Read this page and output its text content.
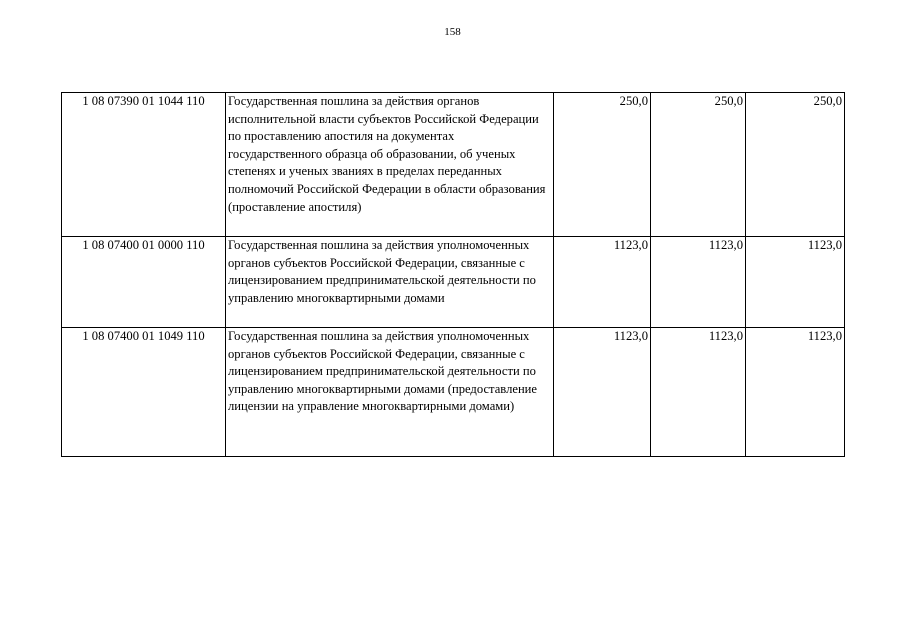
158
1 08 07390 01 1044 110	Государственная пошлина за действия органов исполнительной власти субъектов Российской Федерации по проставлению апостиля на документах государственного образца об образовании, об ученых степенях и ученых званиях в пределах переданных полномочий Российской Федерации в области образования (проставление апостиля)	250,0	250,0	250,0
1 08 07400 01 0000 110	Государственная пошлина за действия уполномоченных органов субъектов Российской Федерации, связанные с лицензированием предпринимательской деятельности по управлению многоквартирными домами	1123,0	1123,0	1123,0
1 08 07400 01 1049 110	Государственная пошлина за действия уполномоченных органов субъектов Российской Федерации, связанные с лицензированием предпринимательской деятельности по управлению многоквартирными домами (предоставление лицензии на управление многоквартирными домами)	1123,0	1123,0	1123,0
